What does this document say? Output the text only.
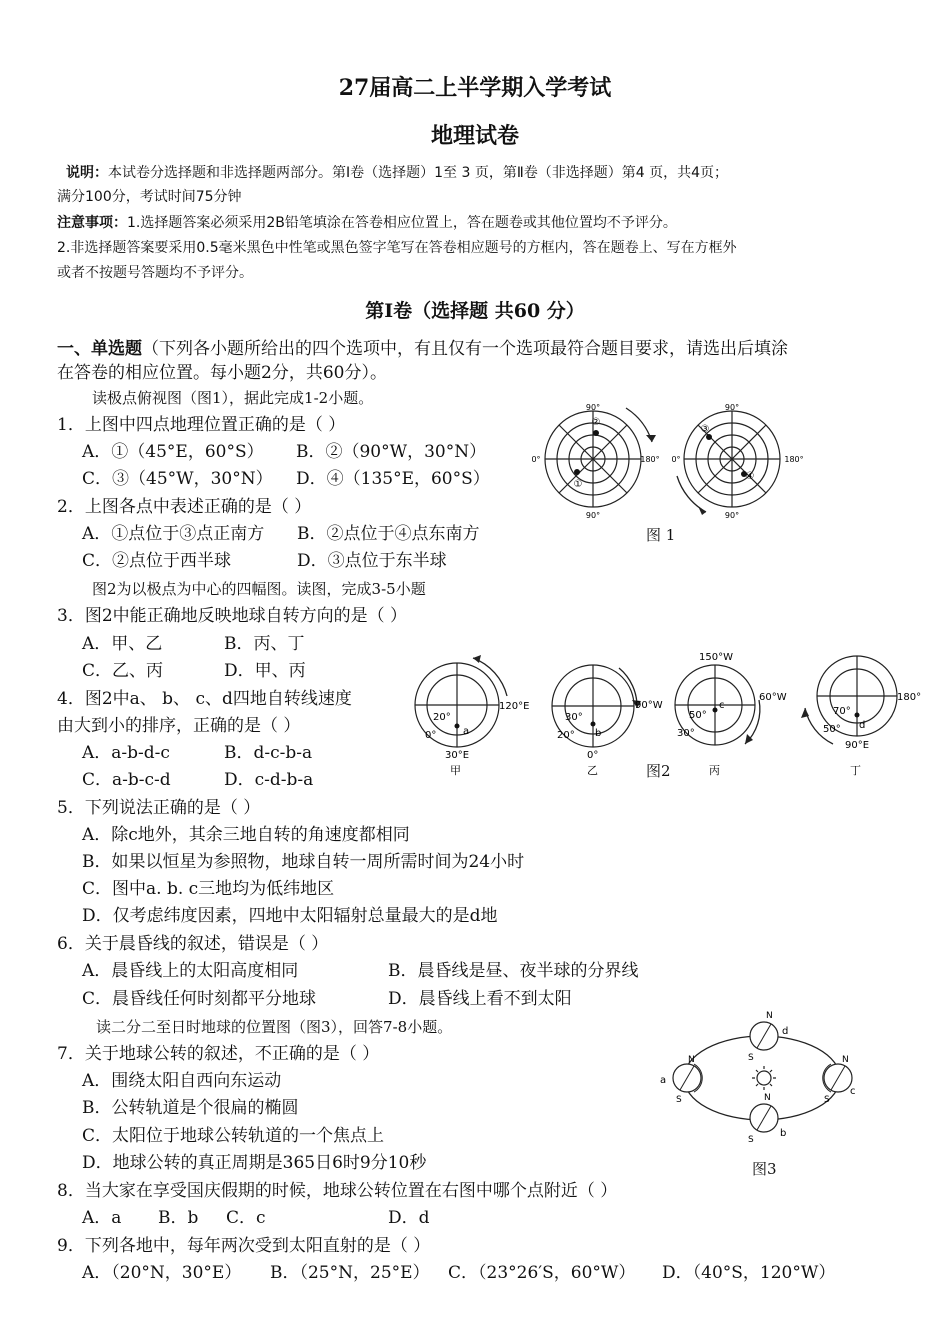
27届高二上半学期入学考试
地理试卷
说明：本试卷分选择题和非选择题两部分。第Ⅰ卷（选择题）1至 3 页，第Ⅱ卷（非选择题）第4 页，共4页；
满分100分，考试时间75分钟
注意事项：1.选择题答案必须采用2B铅笔填涂在答卷相应位置上，答在题卷或其他位置均不予评分。
2.非选择题答案要采用0.5毫米黑色中性笔或黑色签字笔写在答卷相应题号的方框内，答在题卷上、写在方框外
或者不按题号答题均不予评分。
第Ⅰ卷（选择题 共60 分）
一、单选题（下列各小题所给出的四个选项中，有且仅有一个选项最符合题目要求，请选出后填涂
在答卷的相应位置。每小题2分，共60分）。
读极点俯视图（图1），据此完成1-2小题。
1．上图中四点地理位置正确的是（ ）
A．①（45°E，60°S） B．②（90°W，30°N）
C．③（45°W，30°N） D．④（135°E，60°S）
2．上图各点中表述正确的是（ ）
A．①点位于③点正南方 B．②点位于④点东南方
C．②点位于西半球	D．③点位于东半球
90°
90°
0°	180°
②
①
90°
90°
0°	180°
③
④
图 1
图2为以极点为中心的四幅图。读图，完成3-5小题
3．图2中能正确地反映地球自转方向的是（ ）
A．甲、乙	B．丙、丁
C．乙、丙	D．甲、丙
4．图2中a、 b、 c、d四地自转线速度
由大到小的排序，正确的是（ ）
A．a-b-d-c	B．d-c-b-a
C．a-b-c-d	D．c-d-b-a
a
20°
0°
30°E
120°E
甲
b
30°
20°
0°
90°W
乙
c
150°W
60°W
50°
30°
丙
d
180°
70°
50°
90°E
丁
图2
5．下列说法正确的是（ ）
A．除c地外，其余三地自转的角速度都相同
B．如果以恒星为参照物，地球自转一周所需时间为24小时
C．图中a. b. c三地均为低纬地区
D．仅考虑纬度因素，四地中太阳辐射总量最大的是d地
6．关于晨昏线的叙述，错误是（ ）
A．晨昏线上的太阳高度相同	B．晨昏线是昼、夜半球的分界线
C．晨昏线任何时刻都平分地球	D．晨昏线上看不到太阳
读二分二至日时地球的位置图（图3），回答7-8小题。
7．关于地球公转的叙述，不正确的是（ ）
A．围绕太阳自西向东运动
B．公转轨道是个很扁的椭圆
C．太阳位于地球公转轨道的一个焦点上
D．地球公转的真正周期是365日6时9分10秒
N
S
a
N
S
b
N
S
c
N
S
d
图3
8．当大家在享受国庆假期的时候，地球公转位置在右图中哪个点附近（ ）
A．a B．b C．c	D．d
9．下列各地中，每年两次受到太阳直射的是（ ）
A．（20°N，30°E） B．（25°N，25°E） C．（23°26′S，60°W） D．（40°S，120°W）
